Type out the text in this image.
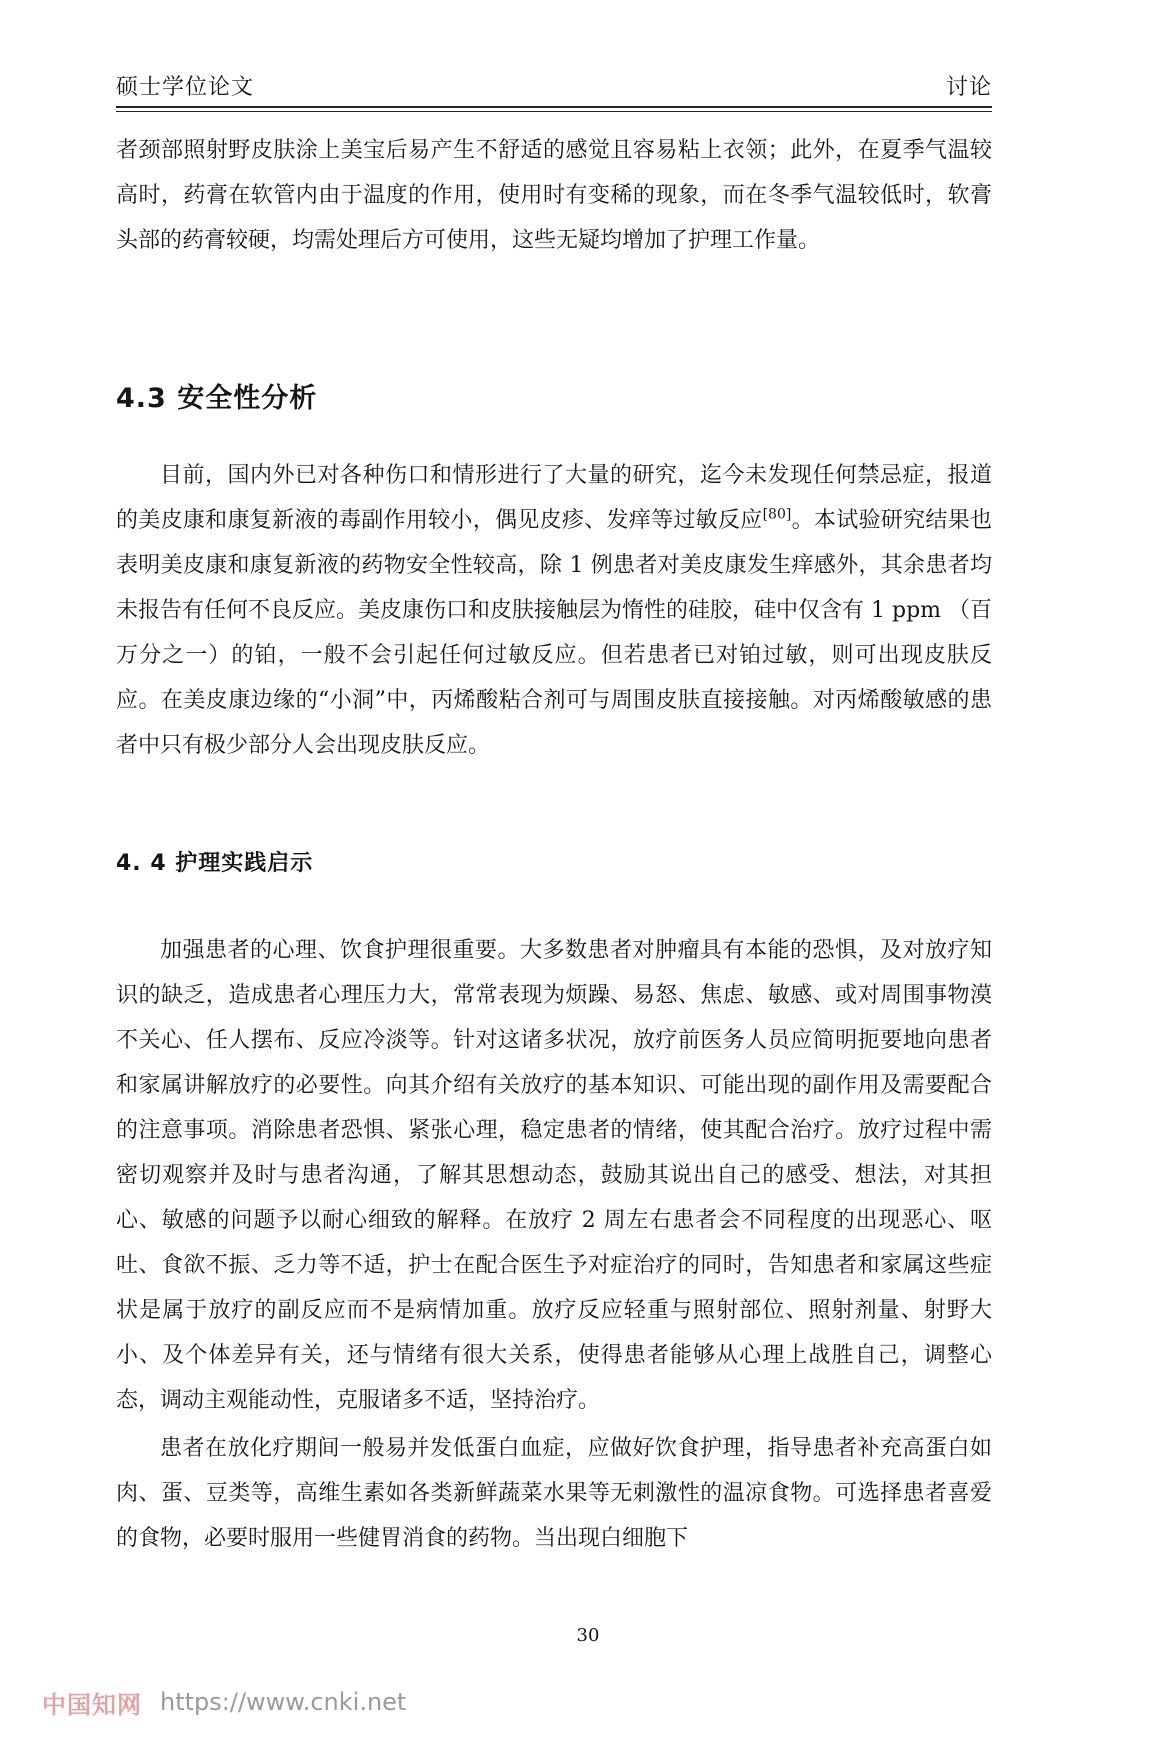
硕士学位论文	讨论

者颈部照射野皮肤涂上美宝后易产生不舒适的感觉且容易粘上衣领；此外，在夏季气温较高时，药膏在软管内由于温度的作用，使用时有变稀的现象，而在冬季气温较低时，软膏头部的药膏较硬，均需处理后方可使用，这些无疑均增加了护理工作量。

4.3 安全性分析

目前，国内外已对各种伤口和情形进行了大量的研究，迄今未发现任何禁忌症，报道的美皮康和康复新液的毒副作用较小，偶见皮疹、发痒等过敏反应[80]。本试验研究结果也表明美皮康和康复新液的药物安全性较高，除 1 例患者对美皮康发生痒感外，其余患者均未报告有任何不良反应。美皮康伤口和皮肤接触层为惰性的硅胶，硅中仅含有 1 ppm （百万分之一）的铂，一般不会引起任何过敏反应。但若患者已对铂过敏，则可出现皮肤反应。在美皮康边缘的“小洞”中，丙烯酸粘合剂可与周围皮肤直接接触。对丙烯酸敏感的患者中只有极少部分人会出现皮肤反应。

4. 4 护理实践启示

加强患者的心理、饮食护理很重要。大多数患者对肿瘤具有本能的恐惧，及对放疗知识的缺乏，造成患者心理压力大，常常表现为烦躁、易怒、焦虑、敏感、或对周围事物漠不关心、任人摆布、反应冷淡等。针对这诸多状况，放疗前医务人员应简明扼要地向患者和家属讲解放疗的必要性。向其介绍有关放疗的基本知识、可能出现的副作用及需要配合的注意事项。消除患者恐惧、紧张心理，稳定患者的情绪，使其配合治疗。放疗过程中需密切观察并及时与患者沟通，了解其思想动态，鼓励其说出自己的感受、想法，对其担心、敏感的问题予以耐心细致的解释。在放疗 2 周左右患者会不同程度的出现恶心、呕吐、食欲不振、乏力等不适，护士在配合医生予对症治疗的同时，告知患者和家属这些症状是属于放疗的副反应而不是病情加重。放疗反应轻重与照射部位、照射剂量、射野大小、及个体差异有关，还与情绪有很大关系，使得患者能够从心理上战胜自己，调整心态，调动主观能动性，克服诸多不适，坚持治疗。

患者在放化疗期间一般易并发低蛋白血症，应做好饮食护理，指导患者补充高蛋白如肉、蛋、豆类等，高维生素如各类新鲜蔬菜水果等无刺激性的温凉食物。可选择患者喜爱的食物，必要时服用一些健胃消食的药物。当出现白细胞下

30
中国知网 https://www.cnki.net
